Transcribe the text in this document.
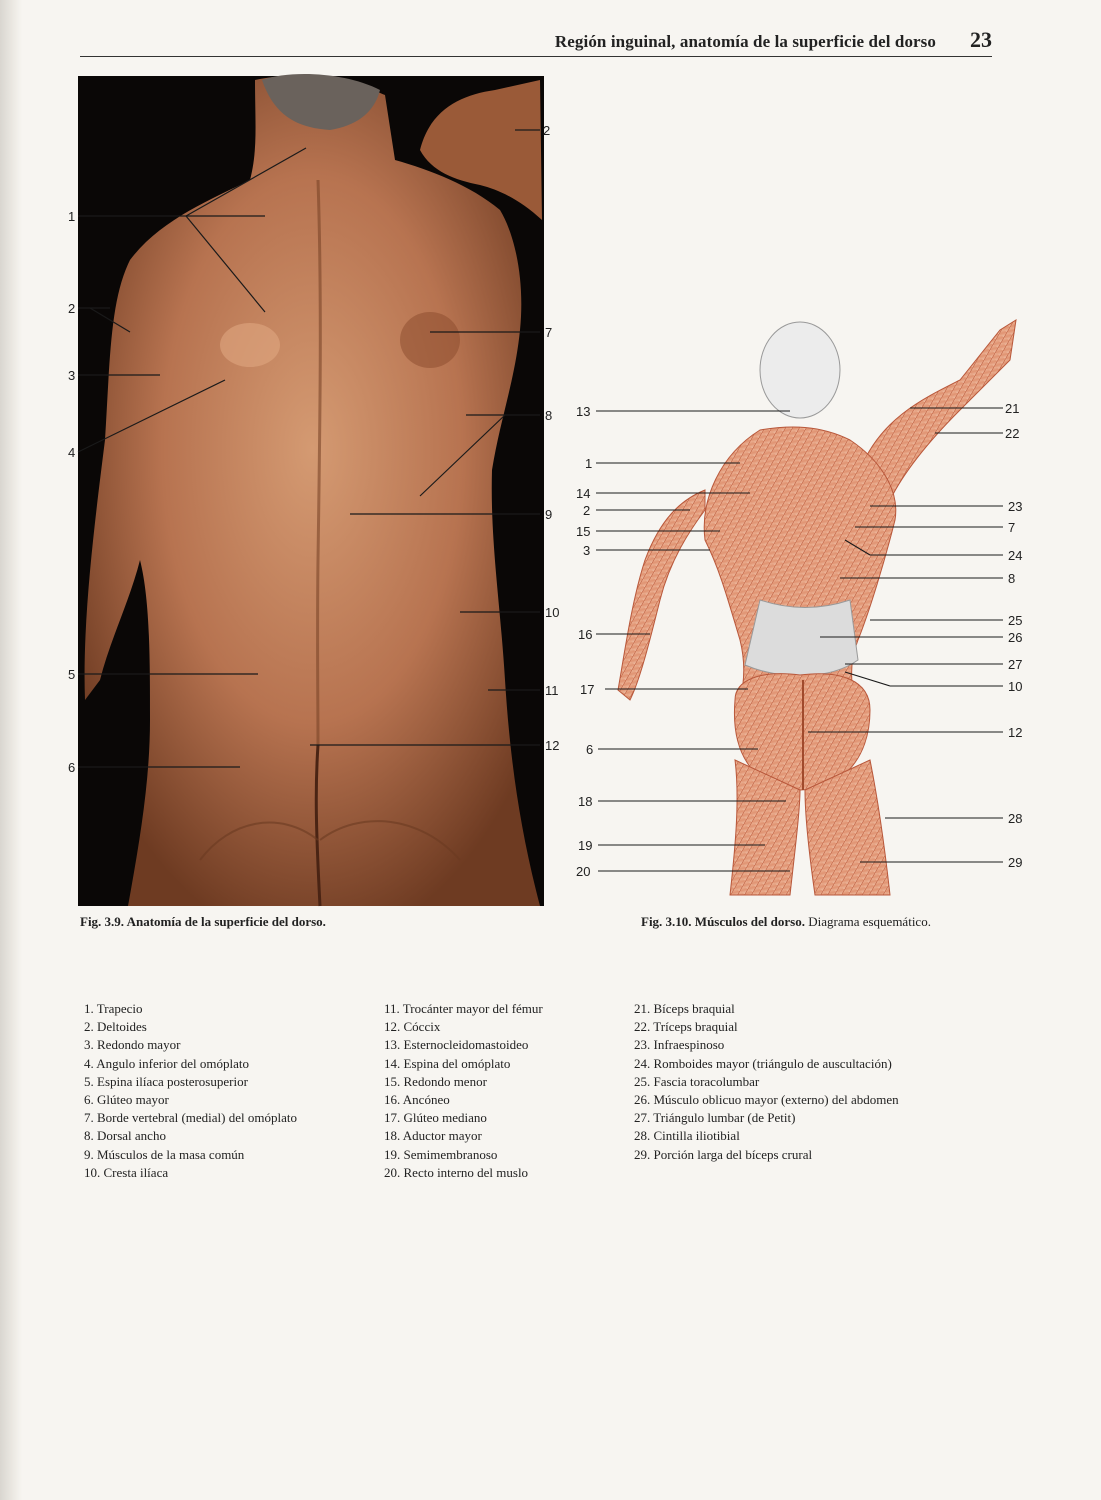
Región inguinal, anatomía de la superficie del dorso 23
1
2
2
3
4
5
6
7
8
9
10
11
12
13
1
14
2
15
3
16
17
6
18
19
20
21
22
23
7
24
8
25
26
27
10
12
28
29
Fig. 3.9. Anatomía de la superficie del dorso.	Fig. 3.10. Músculos del dorso. Diagrama esquemático.
1. Trapecio
2. Deltoides
3. Redondo mayor
4. Angulo inferior del omóplato
5. Espina ilíaca posterosuperior
6. Glúteo mayor
7. Borde vertebral (medial) del omóplato
8. Dorsal ancho
9. Músculos de la masa común
10. Cresta ilíaca
11. Trocánter mayor del fémur
12. Cóccix
13. Esternocleidomastoideo
14. Espina del omóplato
15. Redondo menor
16. Ancóneo
17. Glúteo mediano
18. Aductor mayor
19. Semimembranoso
20. Recto interno del muslo
21. Bíceps braquial
22. Tríceps braquial
23. Infraespinoso
24. Romboides mayor (triángulo de auscultación)
25. Fascia toracolumbar
26. Músculo oblicuo mayor (externo) del abdomen
27. Triángulo lumbar (de Petit)
28. Cintilla iliotibial
29. Porción larga del bíceps crural
